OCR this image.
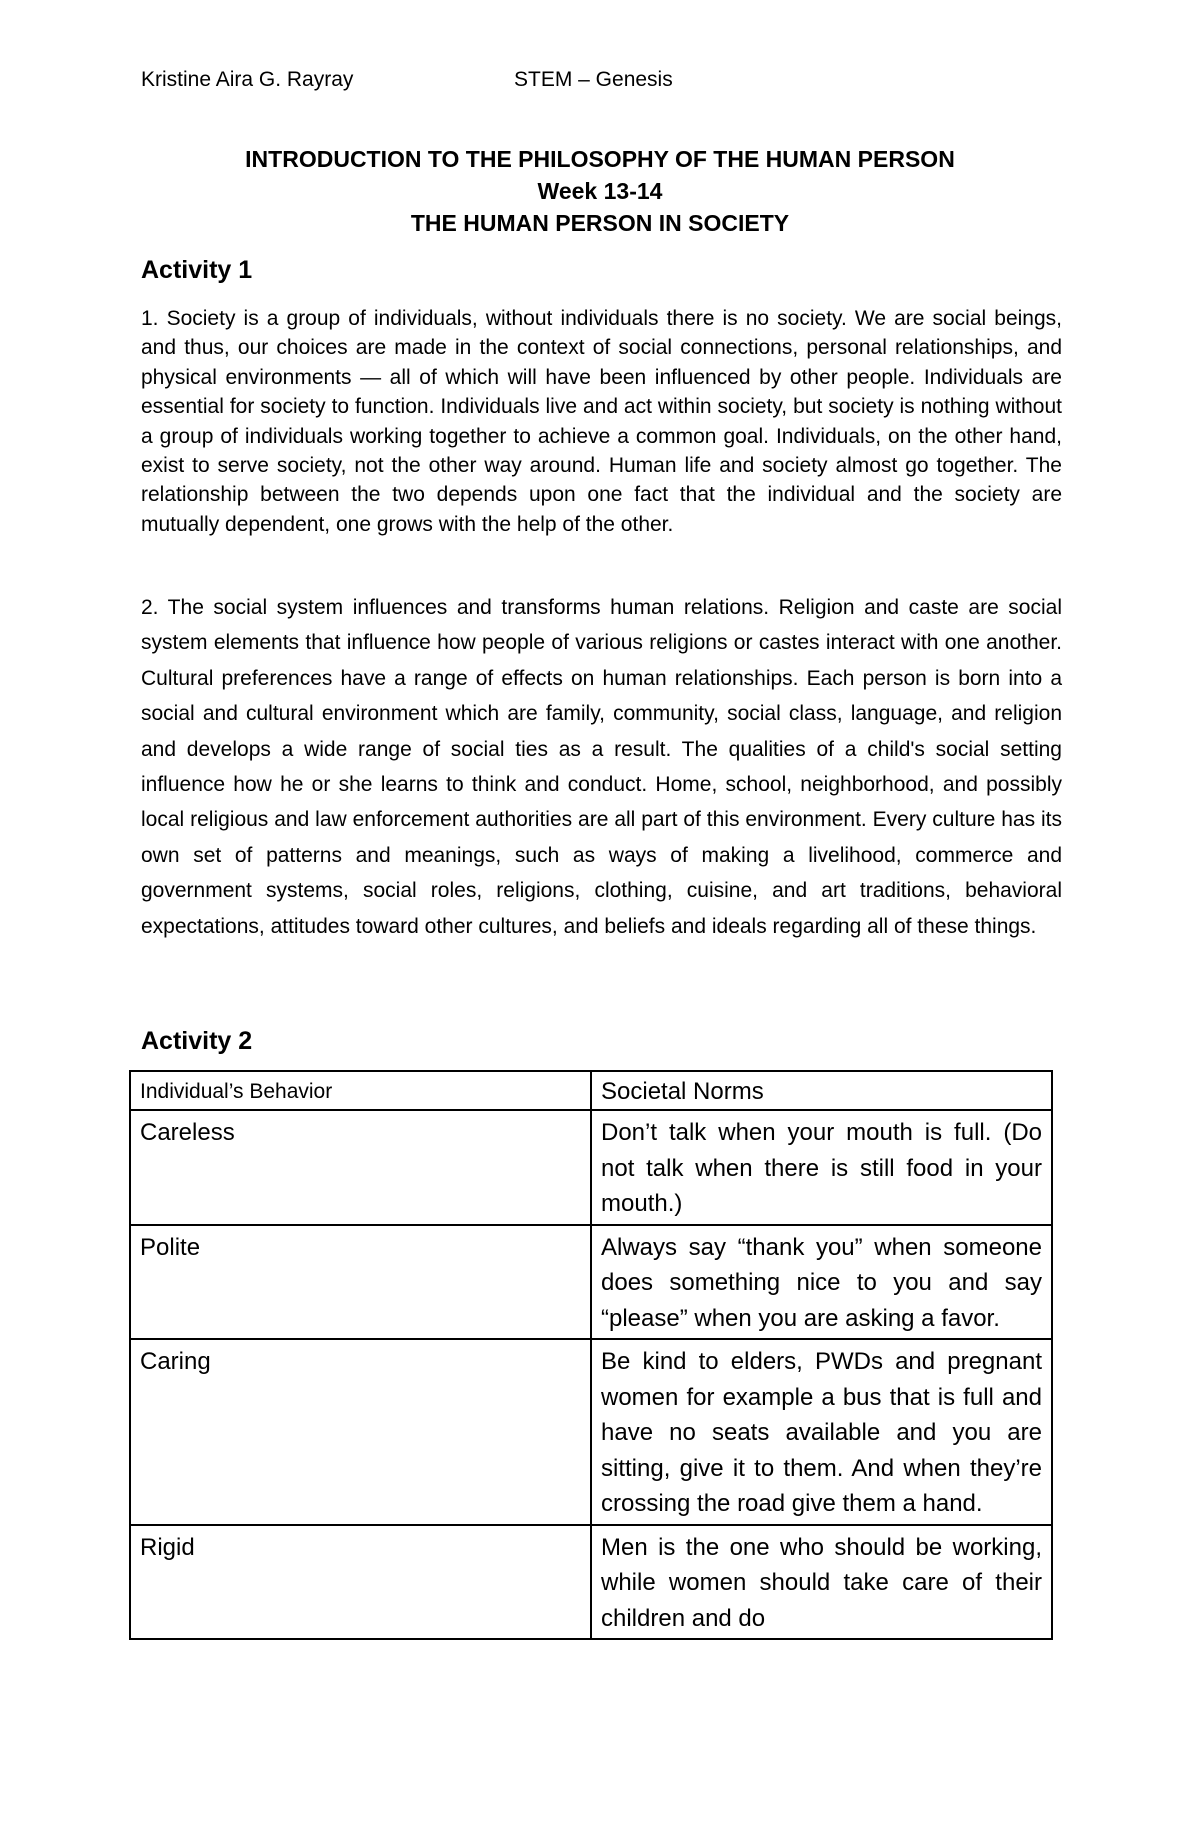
Kristine Aira G. Rayray	STEM – Genesis
INTRODUCTION TO THE PHILOSOPHY OF THE HUMAN PERSON
Week 13-14
THE HUMAN PERSON IN SOCIETY
Activity 1

1. Society is a group of individuals, without individuals there is no society. We are social beings, and thus, our choices are made in the context of social connections, personal relationships, and physical environments — all of which will have been influenced by other people. Individuals are essential for society to function. Individuals live and act within society, but society is nothing without a group of individuals working together to achieve a common goal. Individuals, on the other hand, exist to serve society, not the other way around. Human life and society almost go together. The relationship between the two depends upon one fact that the individual and the society are mutually dependent, one grows with the help of the other.

2. The social system influences and transforms human relations. Religion and caste are social system elements that influence how people of various religions or castes interact with one another. Cultural preferences have a range of effects on human relationships. Each person is born into a social and cultural environment which are family, community, social class, language, and religion and develops a wide range of social ties as a result. The qualities of a child's social setting influence how he or she learns to think and conduct. Home, school, neighborhood, and possibly local religious and law enforcement authorities are all part of this environment. Every culture has its own set of patterns and meanings, such as ways of making a livelihood, commerce and government systems, social roles, religions, clothing, cuisine, and art traditions, behavioral expectations, attitudes toward other cultures, and beliefs and ideals regarding all of these things.

Activity 2
Individual’s Behavior	Societal Norms
Careless	Don’t talk when your mouth is full. (Do not talk when there is still food in your mouth.)
Polite	Always say “thank you” when someone does something nice to you and say “please” when you are asking a favor.
Caring	Be kind to elders, PWDs and pregnant women for example a bus that is full and have no seats available and you are sitting, give it to them. And when they’re crossing the road give them a hand.
Rigid	Men is the one who should be working, while women should take care of their children and do
